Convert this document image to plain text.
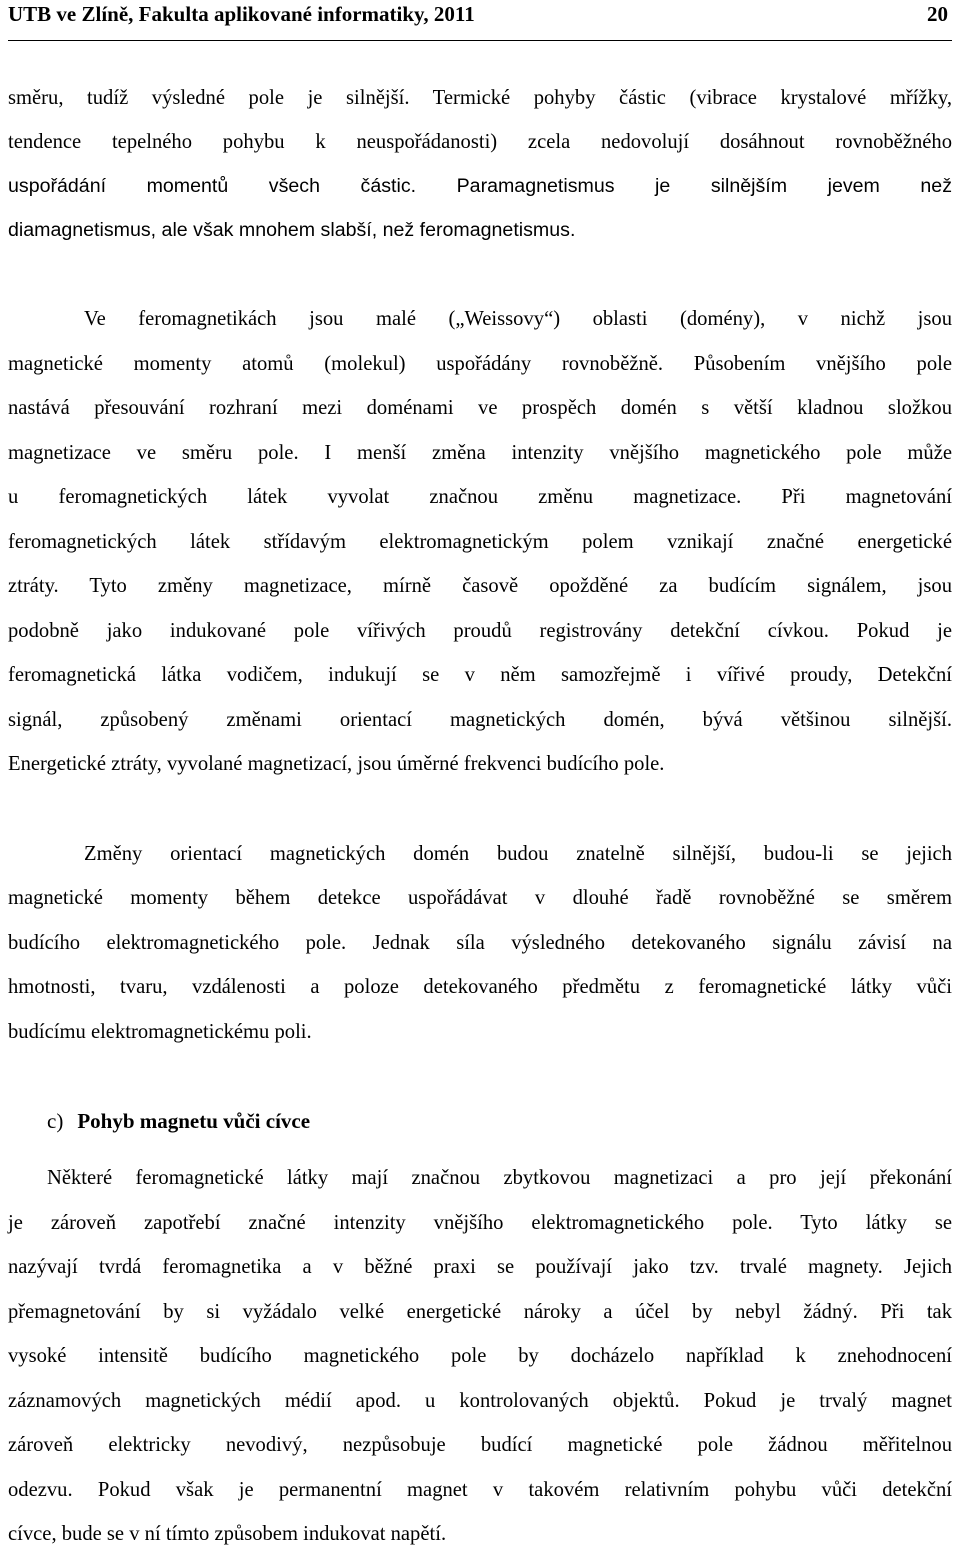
UTB ve Zlíně, Fakulta aplikované informatiky, 2011	20
směru, tudíž výsledné pole je silnější. Termické pohyby částic (vibrace krystalové mřížky,
tendence tepelného pohybu k neuspořádanosti) zcela nedovolují dosáhnout rovnoběžného
uspořádání momentů všech částic. Paramagnetismus je silnějším jevem než
diamagnetismus, ale však mnohem slabší, než feromagnetismus.
Ve feromagnetikách jsou malé („Weissovy“) oblasti (domény), v nichž jsou
magnetické momenty atomů (molekul) uspořádány rovnoběžně. Působením vnějšího pole
nastává přesouvání rozhraní mezi doménami ve prospěch domén s větší kladnou složkou
magnetizace ve směru pole. I menší změna intenzity vnějšího magnetického pole může
u feromagnetických látek vyvolat značnou změnu magnetizace. Při magnetování
feromagnetických látek střídavým elektromagnetickým polem vznikají značné energetické
ztráty. Tyto změny magnetizace, mírně časově opožděné za budícím signálem, jsou
podobně jako indukované pole vířivých proudů registrovány detekční cívkou. Pokud je
feromagnetická látka vodičem, indukují se v něm samozřejmě i vířivé proudy, Detekční
signál, způsobený změnami orientací magnetických domén, bývá většinou silnější.
Energetické ztráty, vyvolané magnetizací, jsou úměrné frekvenci budícího pole.
Změny orientací magnetických domén budou znatelně silnější, budou-li se jejich
magnetické momenty během detekce uspořádávat v dlouhé řadě rovnoběžné se směrem
budícího elektromagnetického pole. Jednak síla výsledného detekovaného signálu závisí na
hmotnosti, tvaru, vzdálenosti a poloze detekovaného předmětu z feromagnetické látky vůči
budícímu elektromagnetickému poli.
c) Pohyb magnetu vůči cívce
Některé feromagnetické látky mají značnou zbytkovou magnetizaci a pro její překonání
je zároveň zapotřebí značné intenzity vnějšího elektromagnetického pole. Tyto látky se
nazývají tvrdá feromagnetika a v běžné praxi se používají jako tzv. trvalé magnety. Jejich
přemagnetování by si vyžádalo velké energetické nároky a účel by nebyl žádný. Při tak
vysoké intensitě budícího magnetického pole by docházelo například k znehodnocení
záznamových magnetických médií apod. u kontrolovaných objektů. Pokud je trvalý magnet
zároveň elektricky nevodivý, nezpůsobuje budící magnetické pole žádnou měřitelnou
odezvu. Pokud však je permanentní magnet v takovém relativním pohybu vůči detekční
cívce, bude se v ní tímto způsobem indukovat napětí.
